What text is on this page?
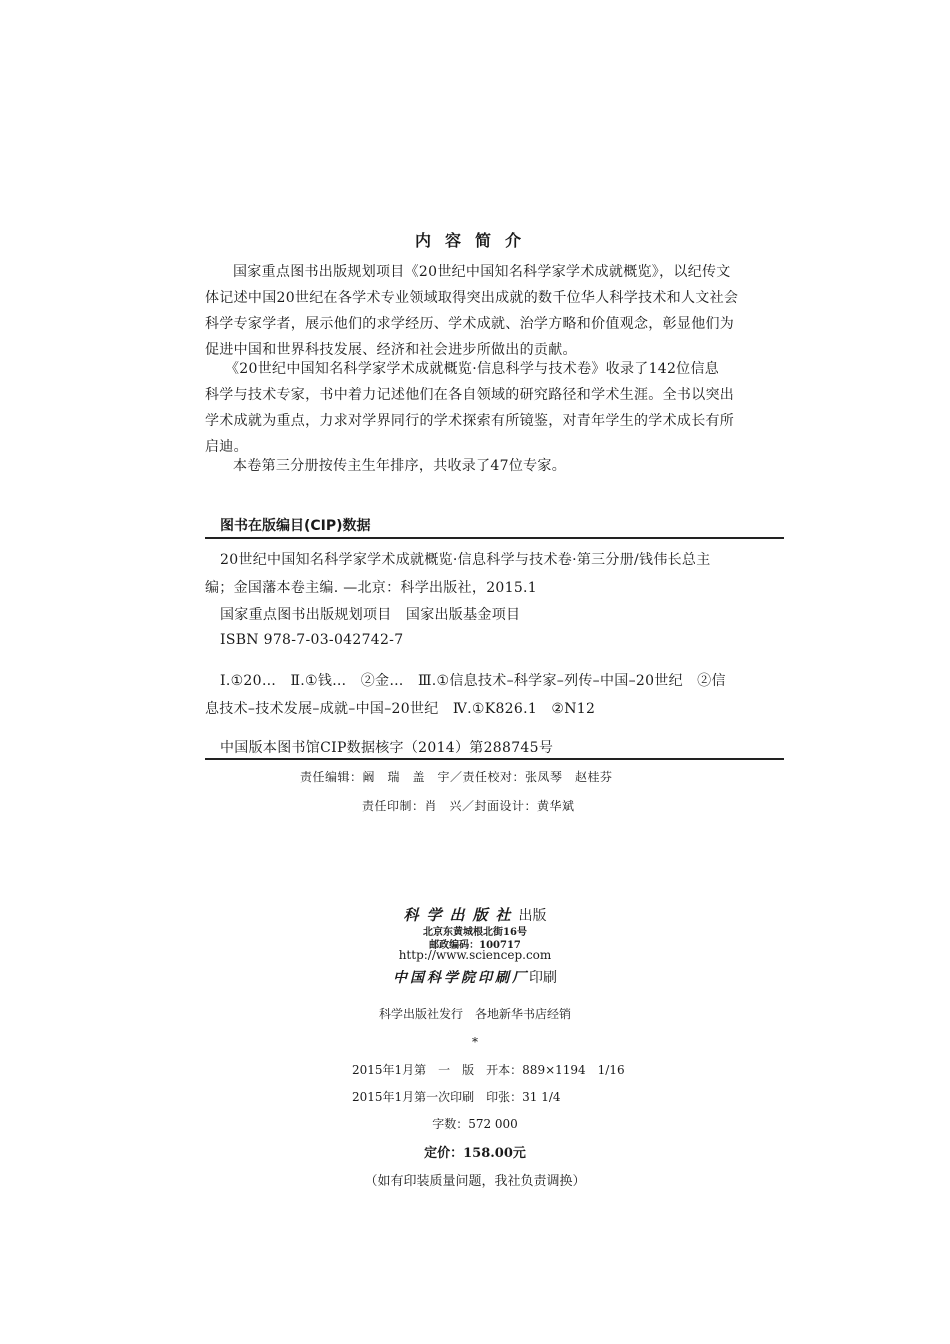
内容简介
国家重点图书出版规划项目《20世纪中国知名科学家学术成就概览》，以纪传文
体记述中国20世纪在各学术专业领域取得突出成就的数千位华人科学技术和人文社会
科学专家学者，展示他们的求学经历、学术成就、治学方略和价值观念，彰显他们为
促进中国和世界科技发展、经济和社会进步所做出的贡献。
《20世纪中国知名科学家学术成就概览·信息科学与技术卷》收录了142位信息
科学与技术专家，书中着力记述他们在各自领域的研究路径和学术生涯。全书以突出
学术成就为重点，力求对学界同行的学术探索有所镜鉴，对青年学生的学术成长有所
启迪。
本卷第三分册按传主生年排序，共收录了47位专家。
图书在版编目(CIP)数据
20世纪中国知名科学家学术成就概览·信息科学与技术卷·第三分册/钱伟长总主
编；金国藩本卷主编. —北京：科学出版社，2015.1
国家重点图书出版规划项目　国家出版基金项目
ISBN 978-7-03-042742-7
Ⅰ.①20…　Ⅱ.①钱…　②金…　Ⅲ.①信息技术–科学家–列传–中国–20世纪　②信
息技术–技术发展–成就–中国–20世纪　Ⅳ.①K826.1　②N12
中国版本图书馆CIP数据核字（2014）第288745号
责任编辑：阚　瑞　盖　宇／责任校对：张凤琴　赵桂芬
责任印制：肖　兴／封面设计：黄华斌
科学出版社出版
北京东黄城根北街16号
邮政编码：100717
http://www.sciencep.com
中国科学院印刷厂印刷
科学出版社发行　各地新华书店经销
*
2015年1月第　一　版　开本：889×1194　1/16
2015年1月第一次印刷　印张：31 1/4
字数：572 000
定价：158.00元
（如有印装质量问题，我社负责调换）
